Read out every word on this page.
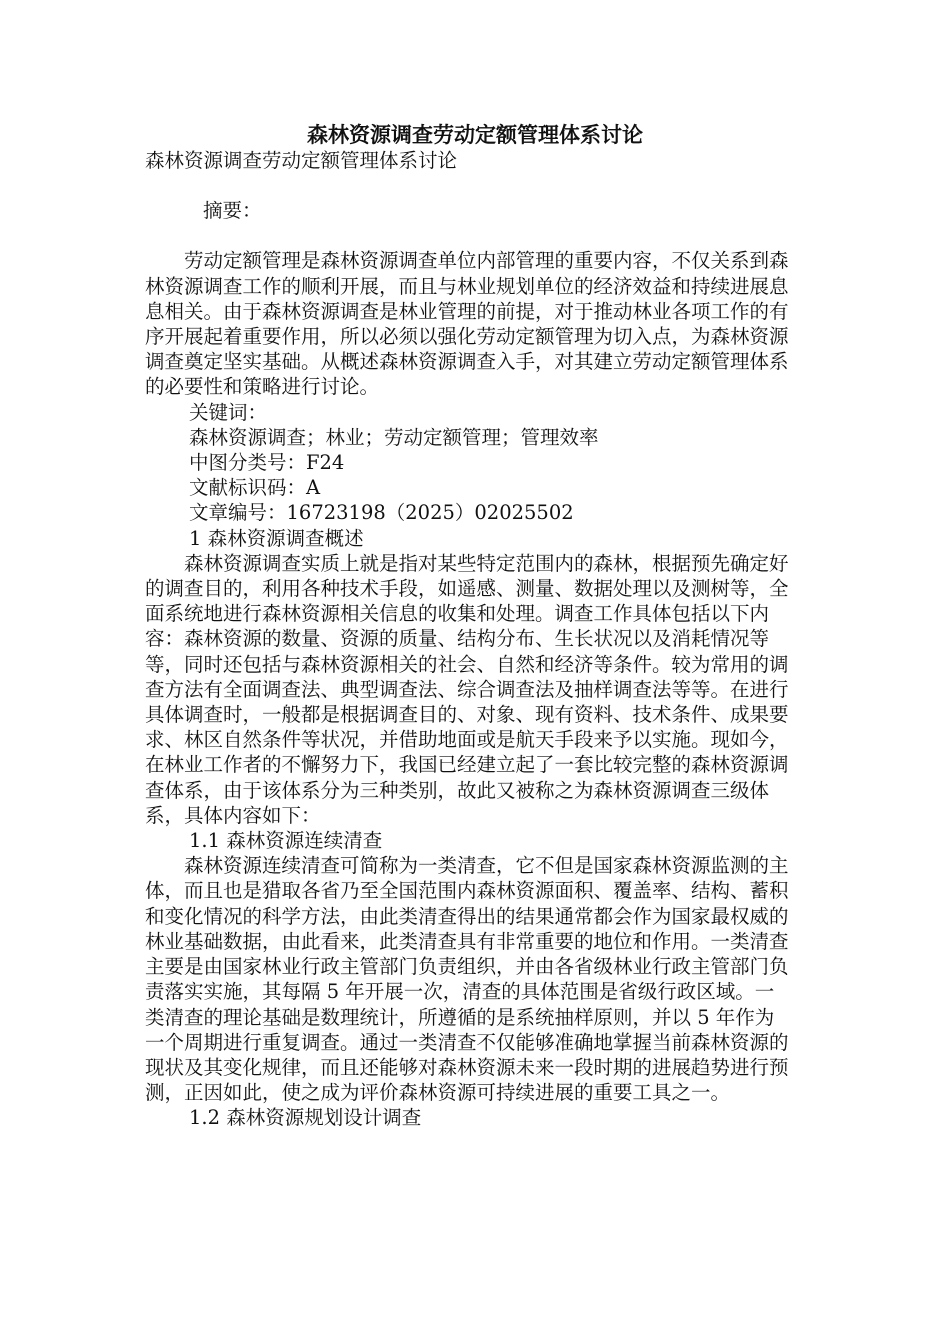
森林资源调查劳动定额管理体系讨论

森林资源调查劳动定额管理体系讨论

摘要：

劳动定额管理是森林资源调查单位内部管理的重要内容，不仅关系到森林资源调查工作的顺利开展，而且与林业规划单位的经济效益和持续进展息息相关。由于森林资源调查是林业管理的前提，对于推动林业各项工作的有序开展起着重要作用，所以必须以强化劳动定额管理为切入点，为森林资源调查奠定坚实基础。从概述森林资源调查入手，对其建立劳动定额管理体系的必要性和策略进行讨论。

关键词：

森林资源调查；林业；劳动定额管理；管理效率

中图分类号：F24

文献标识码：A

文章编号：16723198（2025）02025502

1 森林资源调查概述

森林资源调查实质上就是指对某些特定范围内的森林，根据预先确定好的调查目的，利用各种技术手段，如遥感、测量、数据处理以及测树等，全面系统地进行森林资源相关信息的收集和处理。调查工作具体包括以下内容：森林资源的数量、资源的质量、结构分布、生长状况以及消耗情况等等，同时还包括与森林资源相关的社会、自然和经济等条件。较为常用的调查方法有全面调查法、典型调查法、综合调查法及抽样调查法等等。在进行具体调查时，一般都是根据调查目的、对象、现有资料、技术条件、成果要求、林区自然条件等状况，并借助地面或是航天手段来予以实施。现如今，在林业工作者的不懈努力下，我国已经建立起了一套比较完整的森林资源调查体系，由于该体系分为三种类别，故此又被称之为森林资源调查三级体系，具体内容如下：

1.1 森林资源连续清查

森林资源连续清查可简称为一类清查，它不但是国家森林资源监测的主体，而且也是猎取各省乃至全国范围内森林资源面积、覆盖率、结构、蓄积和变化情况的科学方法，由此类清查得出的结果通常都会作为国家最权威的林业基础数据，由此看来，此类清查具有非常重要的地位和作用。一类清查主要是由国家林业行政主管部门负责组织，并由各省级林业行政主管部门负责落实实施，其每隔 5 年开展一次，清查的具体范围是省级行政区域。一类清查的理论基础是数理统计，所遵循的是系统抽样原则，并以 5 年作为一个周期进行重复调查。通过一类清查不仅能够准确地掌握当前森林资源的现状及其变化规律，而且还能够对森林资源未来一段时期的进展趋势进行预测，正因如此，使之成为评价森林资源可持续进展的重要工具之一。

1.2 森林资源规划设计调查
